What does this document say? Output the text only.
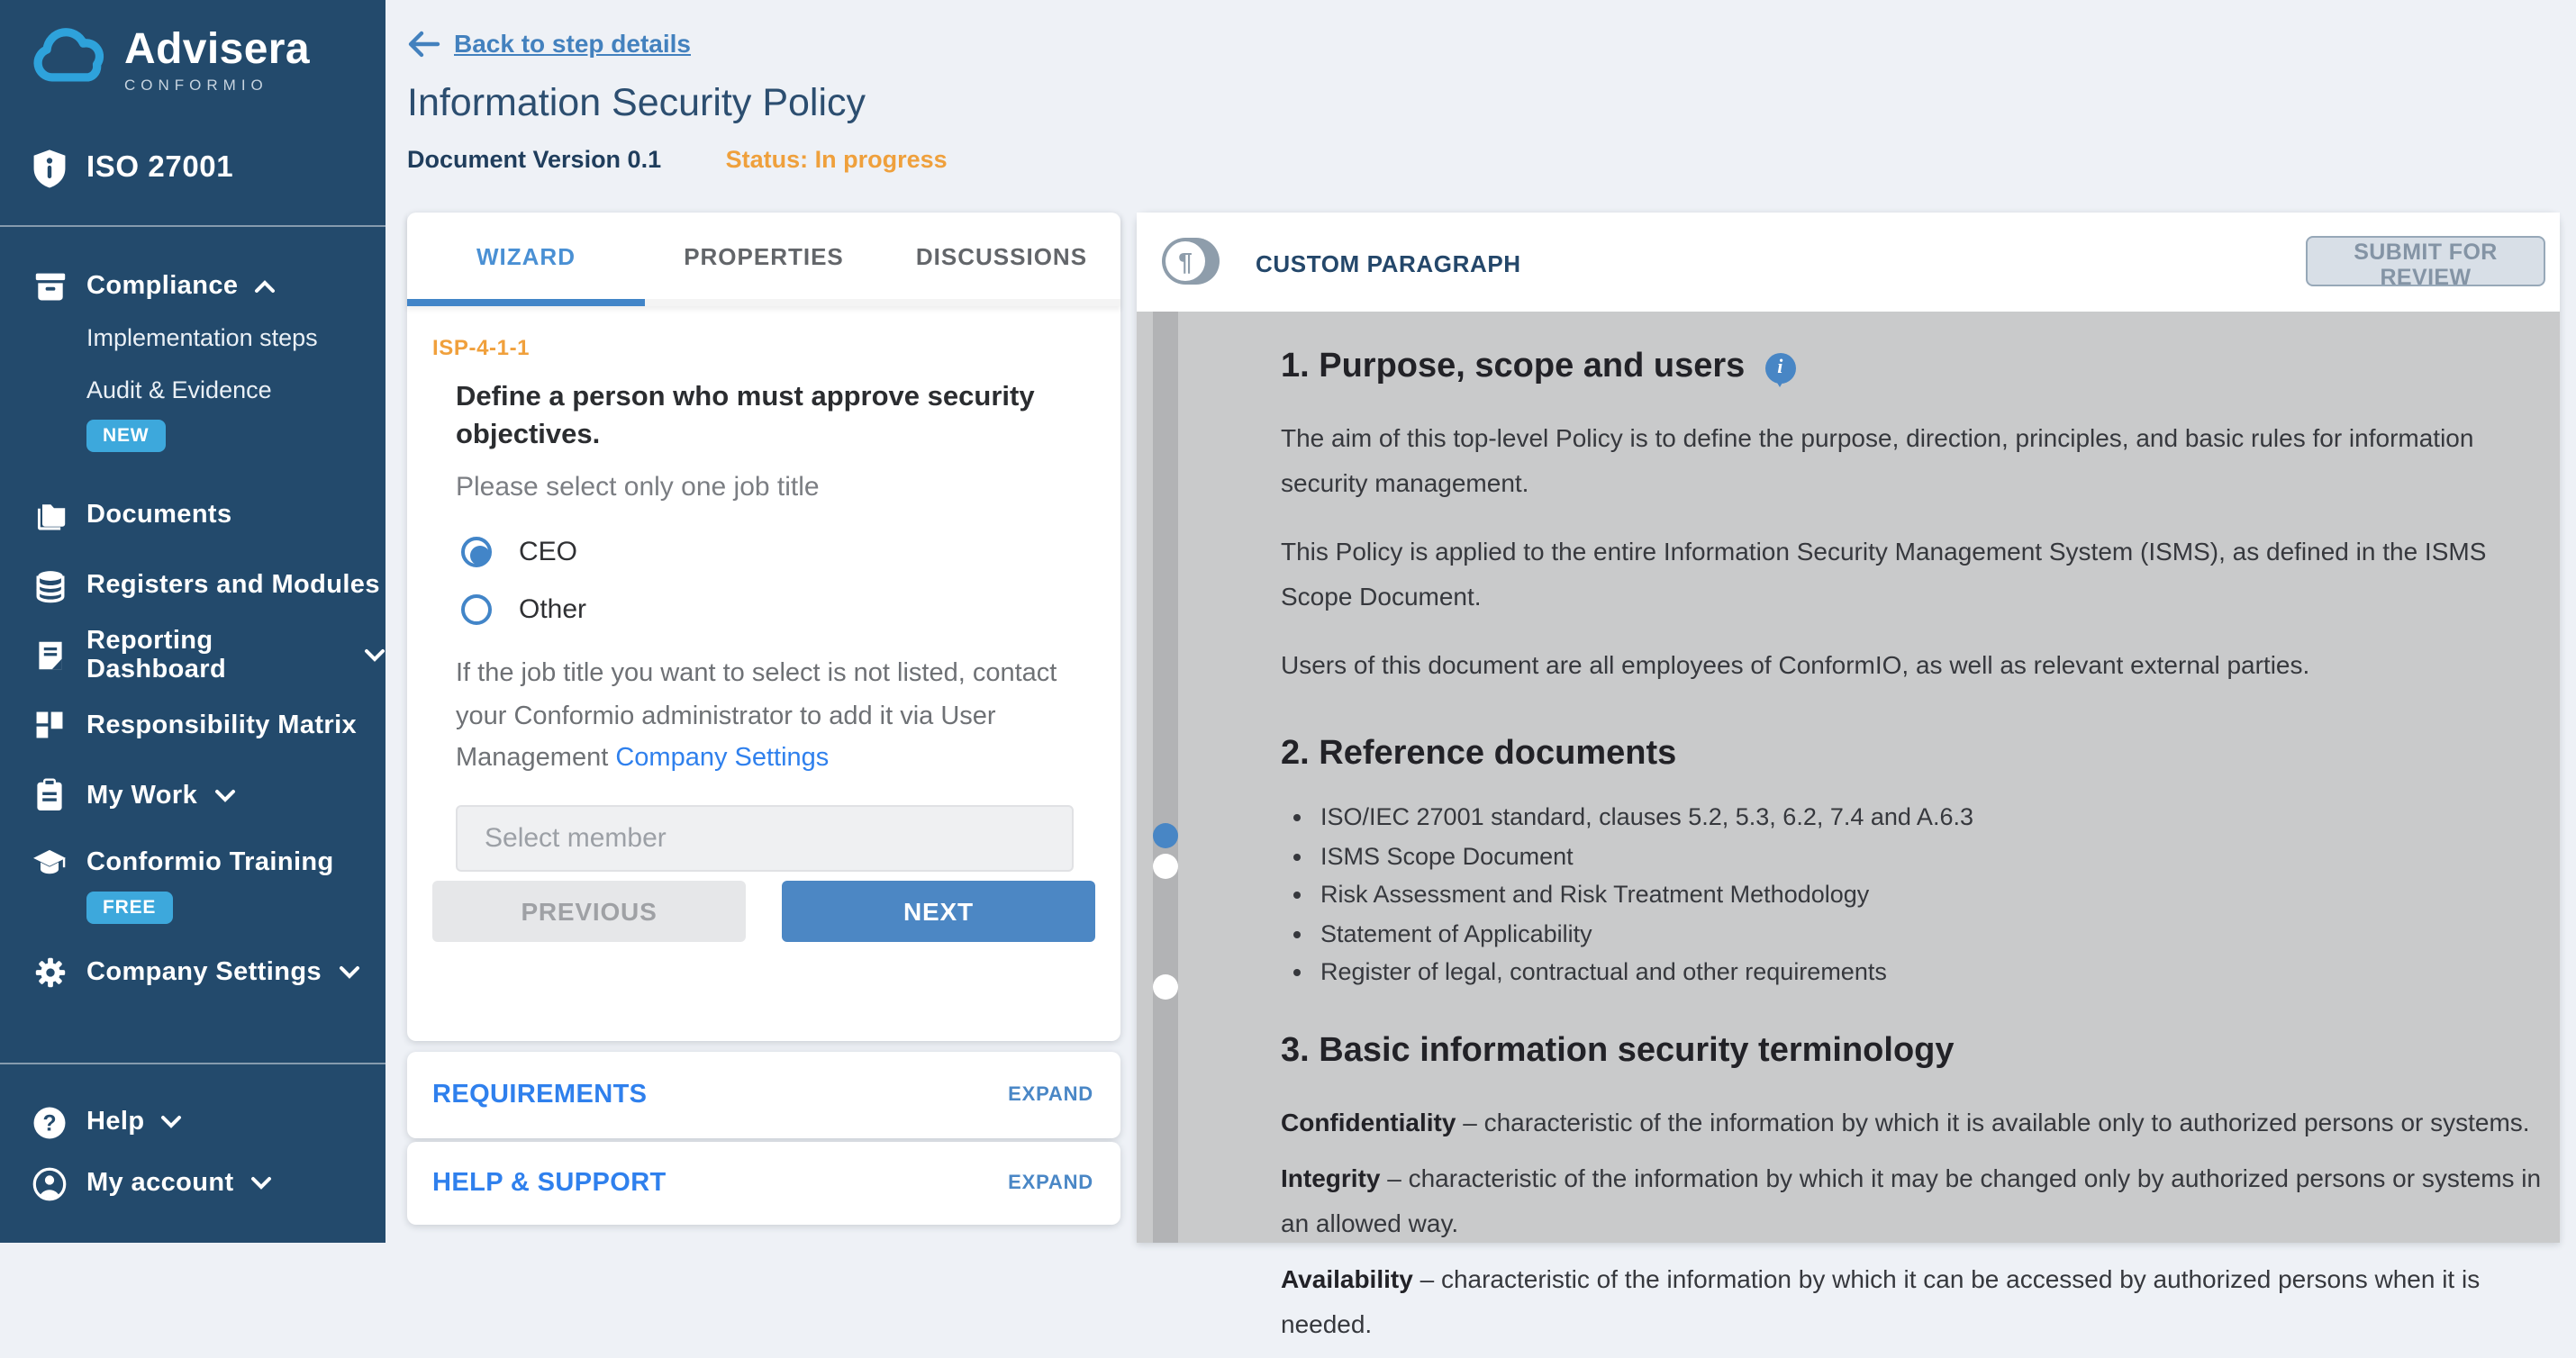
Advisera
CONFORMIO
ISO 27001
Compliance
Implementation steps
Audit & Evidence
NEW
Documents
Registers and Modules
Reporting Dashboard
Responsibility Matrix
My Work
Conformio Training
FREE
Company Settings
? Help
My account
Back to step details
Information Security Policy
Document Version 0.1	Status: In progress
WIZARD	PROPERTIES	DISCUSSIONS
ISP-4-1-1
Define a person who must approve security objectives.
Please select only one job title
CEO
Other
If the job title you want to select is not listed, contact your Conformio administrator to add it via User Management Company Settings
Select member
PREVIOUS	NEXT
REQUIREMENTS	EXPAND
HELP & SUPPORT	EXPAND
¶	CUSTOM PARAGRAPH	SUBMIT FOR REVIEW
1. Purpose, scope and users	i

The aim of this top-level Policy is to define the purpose, direction, principles, and basic rules for information security management.

This Policy is applied to the entire Information Security Management System (ISMS), as defined in the ISMS Scope Document.

Users of this document are all employees of ConformIO, as well as relevant external parties.

2. Reference documents
• ISO/IEC 27001 standard, clauses 5.2, 5.3, 6.2, 7.4 and A.6.3
• ISMS Scope Document
• Risk Assessment and Risk Treatment Methodology
• Statement of Applicability
• Register of legal, contractual and other requirements
3. Basic information security terminology

Confidentiality – characteristic of the information by which it is available only to authorized persons or systems.

Integrity – characteristic of the information by which it may be changed only by authorized persons or systems in an allowed way.

Availability – characteristic of the information by which it can be accessed by authorized persons when it is needed.
